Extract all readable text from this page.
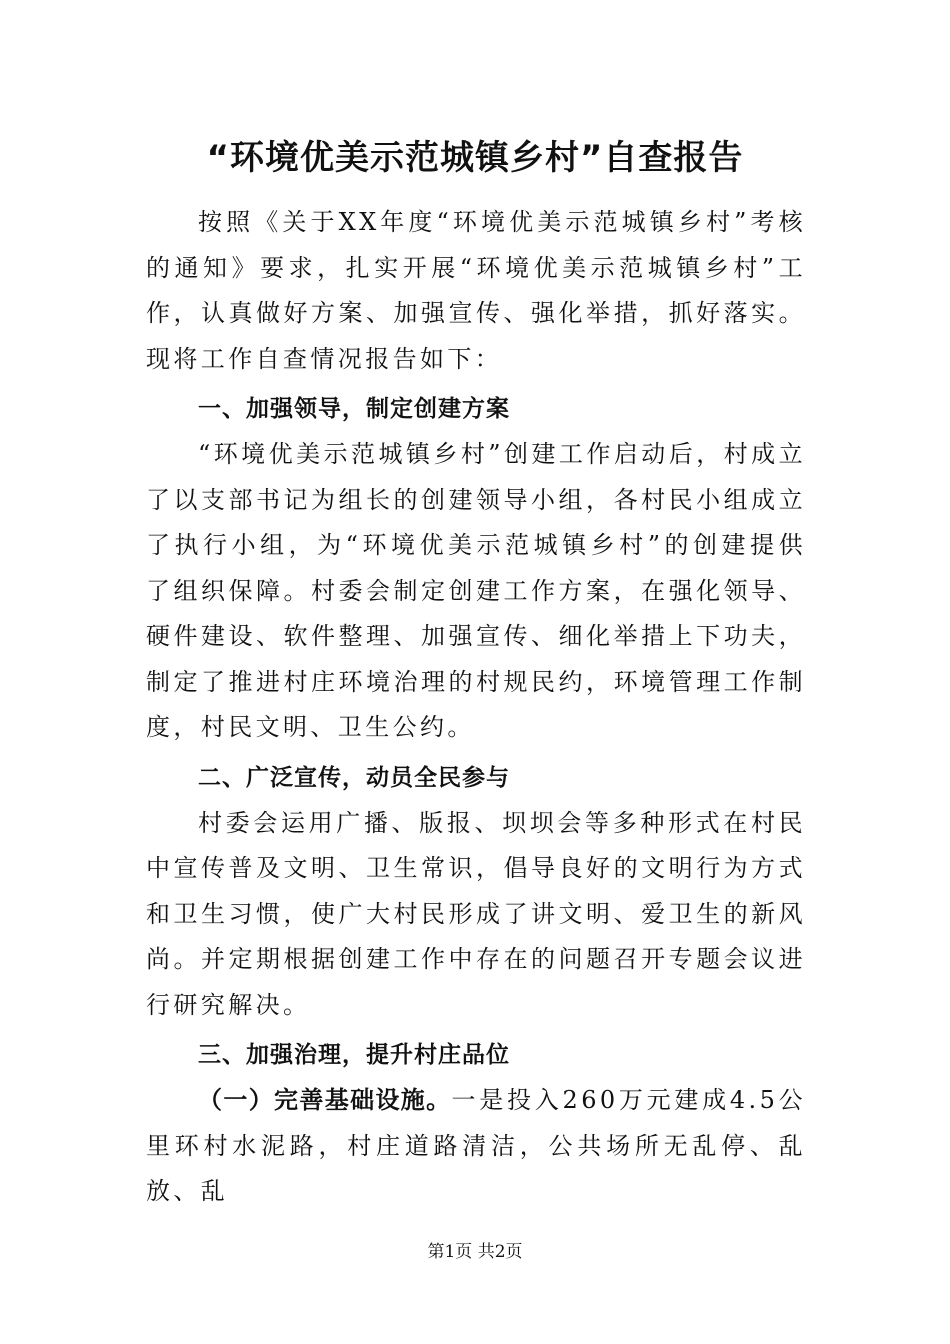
“环境优美示范城镇乡村”自查报告

按照《关于XX年度“环境优美示范城镇乡村”考核的通知》要求，扎实开展“环境优美示范城镇乡村”工作，认真做好方案、加强宣传、强化举措，抓好落实。现将工作自查情况报告如下：

一、加强领导，制定创建方案

“环境优美示范城镇乡村”创建工作启动后，村成立了以支部书记为组长的创建领导小组，各村民小组成立了执行小组，为“环境优美示范城镇乡村”的创建提供了组织保障。村委会制定创建工作方案，在强化领导、硬件建设、软件整理、加强宣传、细化举措上下功夫，制定了推进村庄环境治理的村规民约，环境管理工作制度，村民文明、卫生公约。

二、广泛宣传，动员全民参与

村委会运用广播、版报、坝坝会等多种形式在村民中宣传普及文明、卫生常识，倡导良好的文明行为方式和卫生习惯，使广大村民形成了讲文明、爱卫生的新风尚。并定期根据创建工作中存在的问题召开专题会议进行研究解决。

三、加强治理，提升村庄品位

（一）完善基础设施。一是投入260万元建成4.5公里环村水泥路，村庄道路清洁，公共场所无乱停、乱放、乱

第1页 共2页
